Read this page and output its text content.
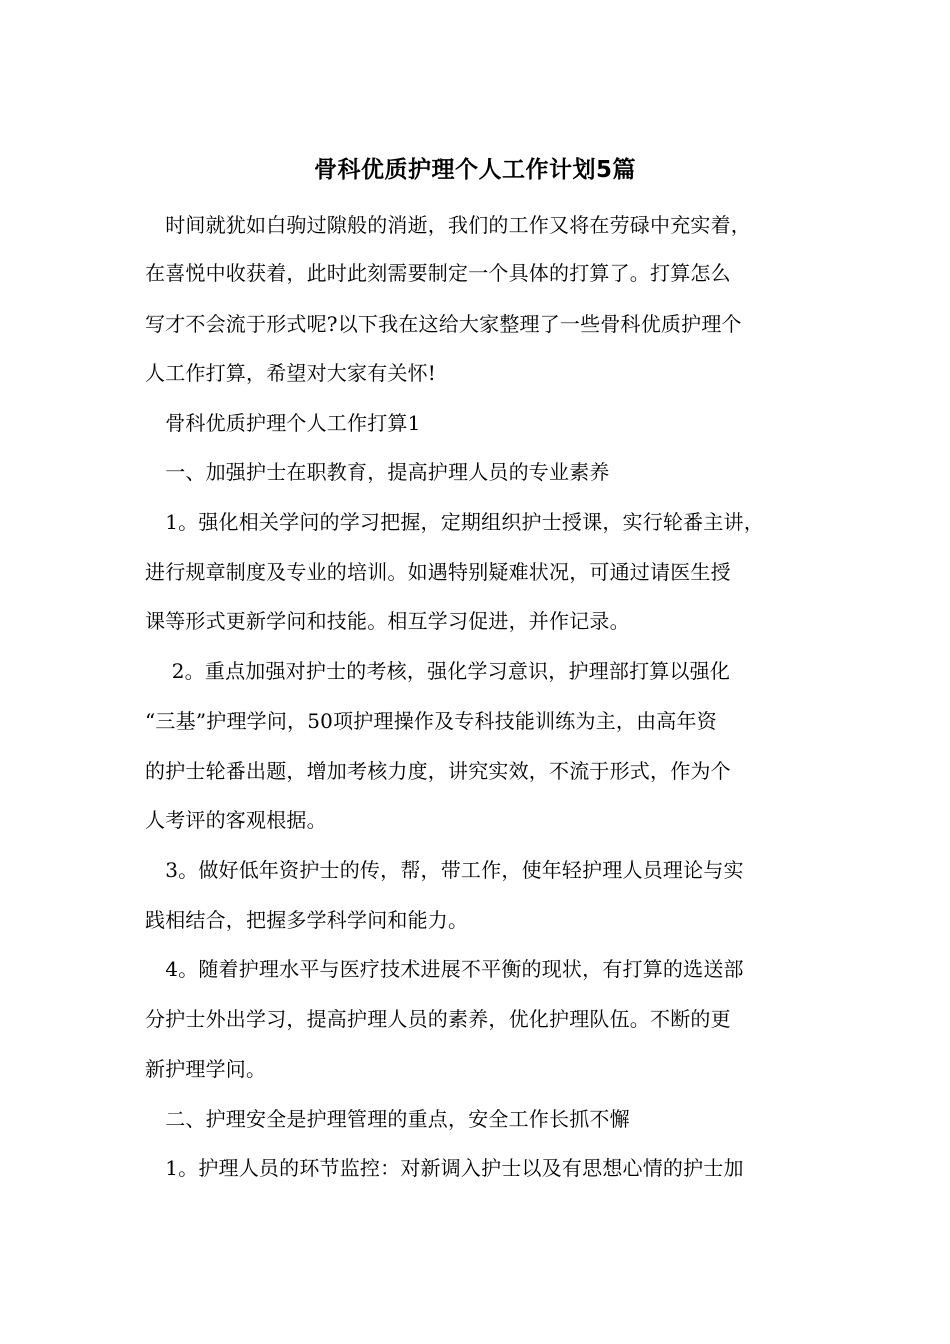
骨科优质护理个人工作计划5篇
　时间就犹如白驹过隙般的消逝，我们的工作又将在劳碌中充实着，
在喜悦中收获着，此时此刻需要制定一个具体的打算了。打算怎么
写才不会流于形式呢?以下我在这给大家整理了一些骨科优质护理个
人工作打算，希望对大家有关怀!
　骨科优质护理个人工作打算1
　一、加强护士在职教育，提高护理人员的专业素养
　1。强化相关学问的学习把握，定期组织护士授课，实行轮番主讲，
进行规章制度及专业的培训。如遇特别疑难状况，可通过请医生授
课等形式更新学问和技能。相互学习促进，并作记录。
　 2。重点加强对护士的考核，强化学习意识，护理部打算以强化
“三基”护理学问，50项护理操作及专科技能训练为主，由高年资
的护士轮番出题，增加考核力度，讲究实效，不流于形式，作为个
人考评的客观根据。
　3。做好低年资护士的传，帮，带工作，使年轻护理人员理论与实
践相结合，把握多学科学问和能力。
　4。随着护理水平与医疗技术进展不平衡的现状，有打算的选送部
分护士外出学习，提高护理人员的素养，优化护理队伍。不断的更
新护理学问。
　二、护理安全是护理管理的重点，安全工作长抓不懈
　1。护理人员的环节监控：对新调入护士以及有思想心情的护士加
